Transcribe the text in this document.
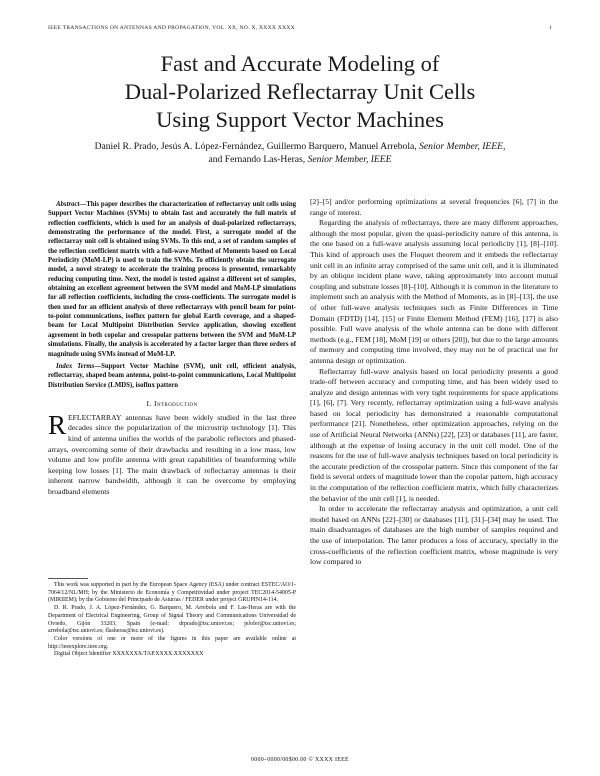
IEEE TRANSACTIONS ON ANTENNAS AND PROPAGATION, VOL. XX, NO. X, XXXX XXXX	1
Fast and Accurate Modeling of
Dual-Polarized Reflectarray Unit Cells
Using Support Vector Machines
Daniel R. Prado, Jesús A. López-Fernández, Guillermo Barquero, Manuel Arrebola, Senior Member, IEEE,
and Fernando Las-Heras, Senior Member, IEEE

Abstract—This paper describes the characterization of reflectarray unit cells using Support Vector Machines (SVMs) to obtain fast and accurately the full matrix of reflection coefficients, which is used for an analysis of dual-polarized reflectarrays, demonstrating the performance of the model. First, a surrogate model of the reflectarray unit cell is obtained using SVMs. To this end, a set of random samples of the reflection coefficient matrix with a full-wave Method of Moments based on Local Periodicity (MoM-LP) is used to train the SVMs. To efficiently obtain the surrogate model, a novel strategy to accelerate the training process is presented, remarkably reducing computing time. Next, the model is tested against a different set of samples, obtaining an excellent agreement between the SVM model and MoM-LP simulations for all reflection coefficients, including the cross-coefficients. The surrogate model is then used for an efficient analysis of three reflectarrays with pencil beam for point-to-point communications, isoflux pattern for global Earth coverage, and a shaped-beam for Local Multipoint Distribution Service application, showing excellent agreement in both copolar and crosspolar patterns between the SVM and MoM-LP simulations. Finally, the analysis is accelerated by a factor larger than three orders of magnitude using SVMs instead of MoM-LP.

Index Terms—Support Vector Machine (SVM), unit cell, efficient analysis, reflectarray, shaped beam antenna, point-to-point communications, Local Multipoint Distribution Service (LMDS), isoflux pattern

I. Introduction

REFLECTARRAY antennas have been widely studied in the last three decades since the popularization of the microstrip technology [1]. This kind of antenna unifies the worlds of the parabolic reflectors and phased-arrays, overcoming some of their drawbacks and resulting in a low mass, low volume and low profile antenna with great capabilities of beamforming while keeping low losses [1]. The main drawback of reflectarray antennas is their inherent narrow bandwidth, although it can be overcome by employing broadband elements

This work was supported in part by the European Space Agency (ESA) under contract ESTEC/AO/1-7064/12/NL/MH; by the Ministerio de Economía y Competitividad under project TEC2014-54005-P (MIRIIEM); by the Gobierno del Principado de Asturias / FEDER under project GRUPIN14-114.

D. R. Prado, J. A. López-Fernández, G. Barquero, M. Arrebola and F. Las-Heras are with the Department of Electrical Engineering, Group of Signal Theory and Communications Universidad de Oviedo, Gijón 33203, Spain (e-mail: drprado@tsc.uniovi.es; jelofer@tsc.uniovi.es; arrebola@tsc.uniovi.es; flasheras@tsc.uniovi.es).

Color versions of one or more of the figures in this paper are available online at http://ieeexplore.ieee.org.

Digital Object Identifier XXXXXXX/TAP.XXXX.XXXXXXX

[2]–[5] and/or performing optimizations at several frequencies [6], [7] in the range of interest.

Regarding the analysis of reflectarrays, there are many different approaches, although the most popular, given the quasi-periodicity nature of this antenna, is the one based on a full-wave analysis assuming local periodicity [1], [8]–[10]. This kind of approach uses the Floquet theorem and it embeds the reflectarray unit cell in an infinite array comprised of the same unit cell, and it is illuminated by an oblique incident plane wave, taking approximately into account mutual coupling and substrate losses [8]–[10]. Although it is common in the literature to implement such an analysis with the Method of Moments, as in [8]–[13], the use of other full-wave analysis techniques such as Finite Differences in Time Domain (FDTD) [14], [15] or Finite Element Method (FEM) [16], [17] is also possible. Full wave analysis of the whole antenna can be done with different methods (e.g., FEM [18], MoM [19] or others [20]), but due to the large amounts of memory and computing time involved, they may not be of practical use for antenna design or optimization.

Reflectarray full-wave analysis based on local periodicity presents a good trade-off between accuracy and computing time, and has been widely used to analyze and design antennas with very tight requirements for space applications [1], [6], [7]. Very recently, reflectarray optimization using a full-wave analysis based on local periodicity has demonstrated a reasonable computational performance [21]. Nonetheless, other optimization approaches, relying on the use of Artificial Neural Networks (ANNs) [22], [23] or databases [11], are faster, although at the expense of losing accuracy in the unit cell model. One of the reasons for the use of full-wave analysis techniques based on local periodicity is the accurate prediction of the crosspolar pattern. Since this component of the far field is several orders of magnitude lower than the copolar pattern, high accuracy in the computation of the reflection coefficient matrix, which fully characterizes the behavior of the unit cell [1], is needed.

In order to accelerate the reflectarray analysis and optimization, a unit cell model based on ANNs [22]–[30] or databases [11], [31]–[34] may be used. The main disadvantages of databases are the high number of samples required and the use of interpolation. The latter produces a loss of accuracy, specially in the cross-coefficients of the reflection coefficient matrix, whose magnitude is very low compared to

0000–0000/00$00.00 © XXXX IEEE
